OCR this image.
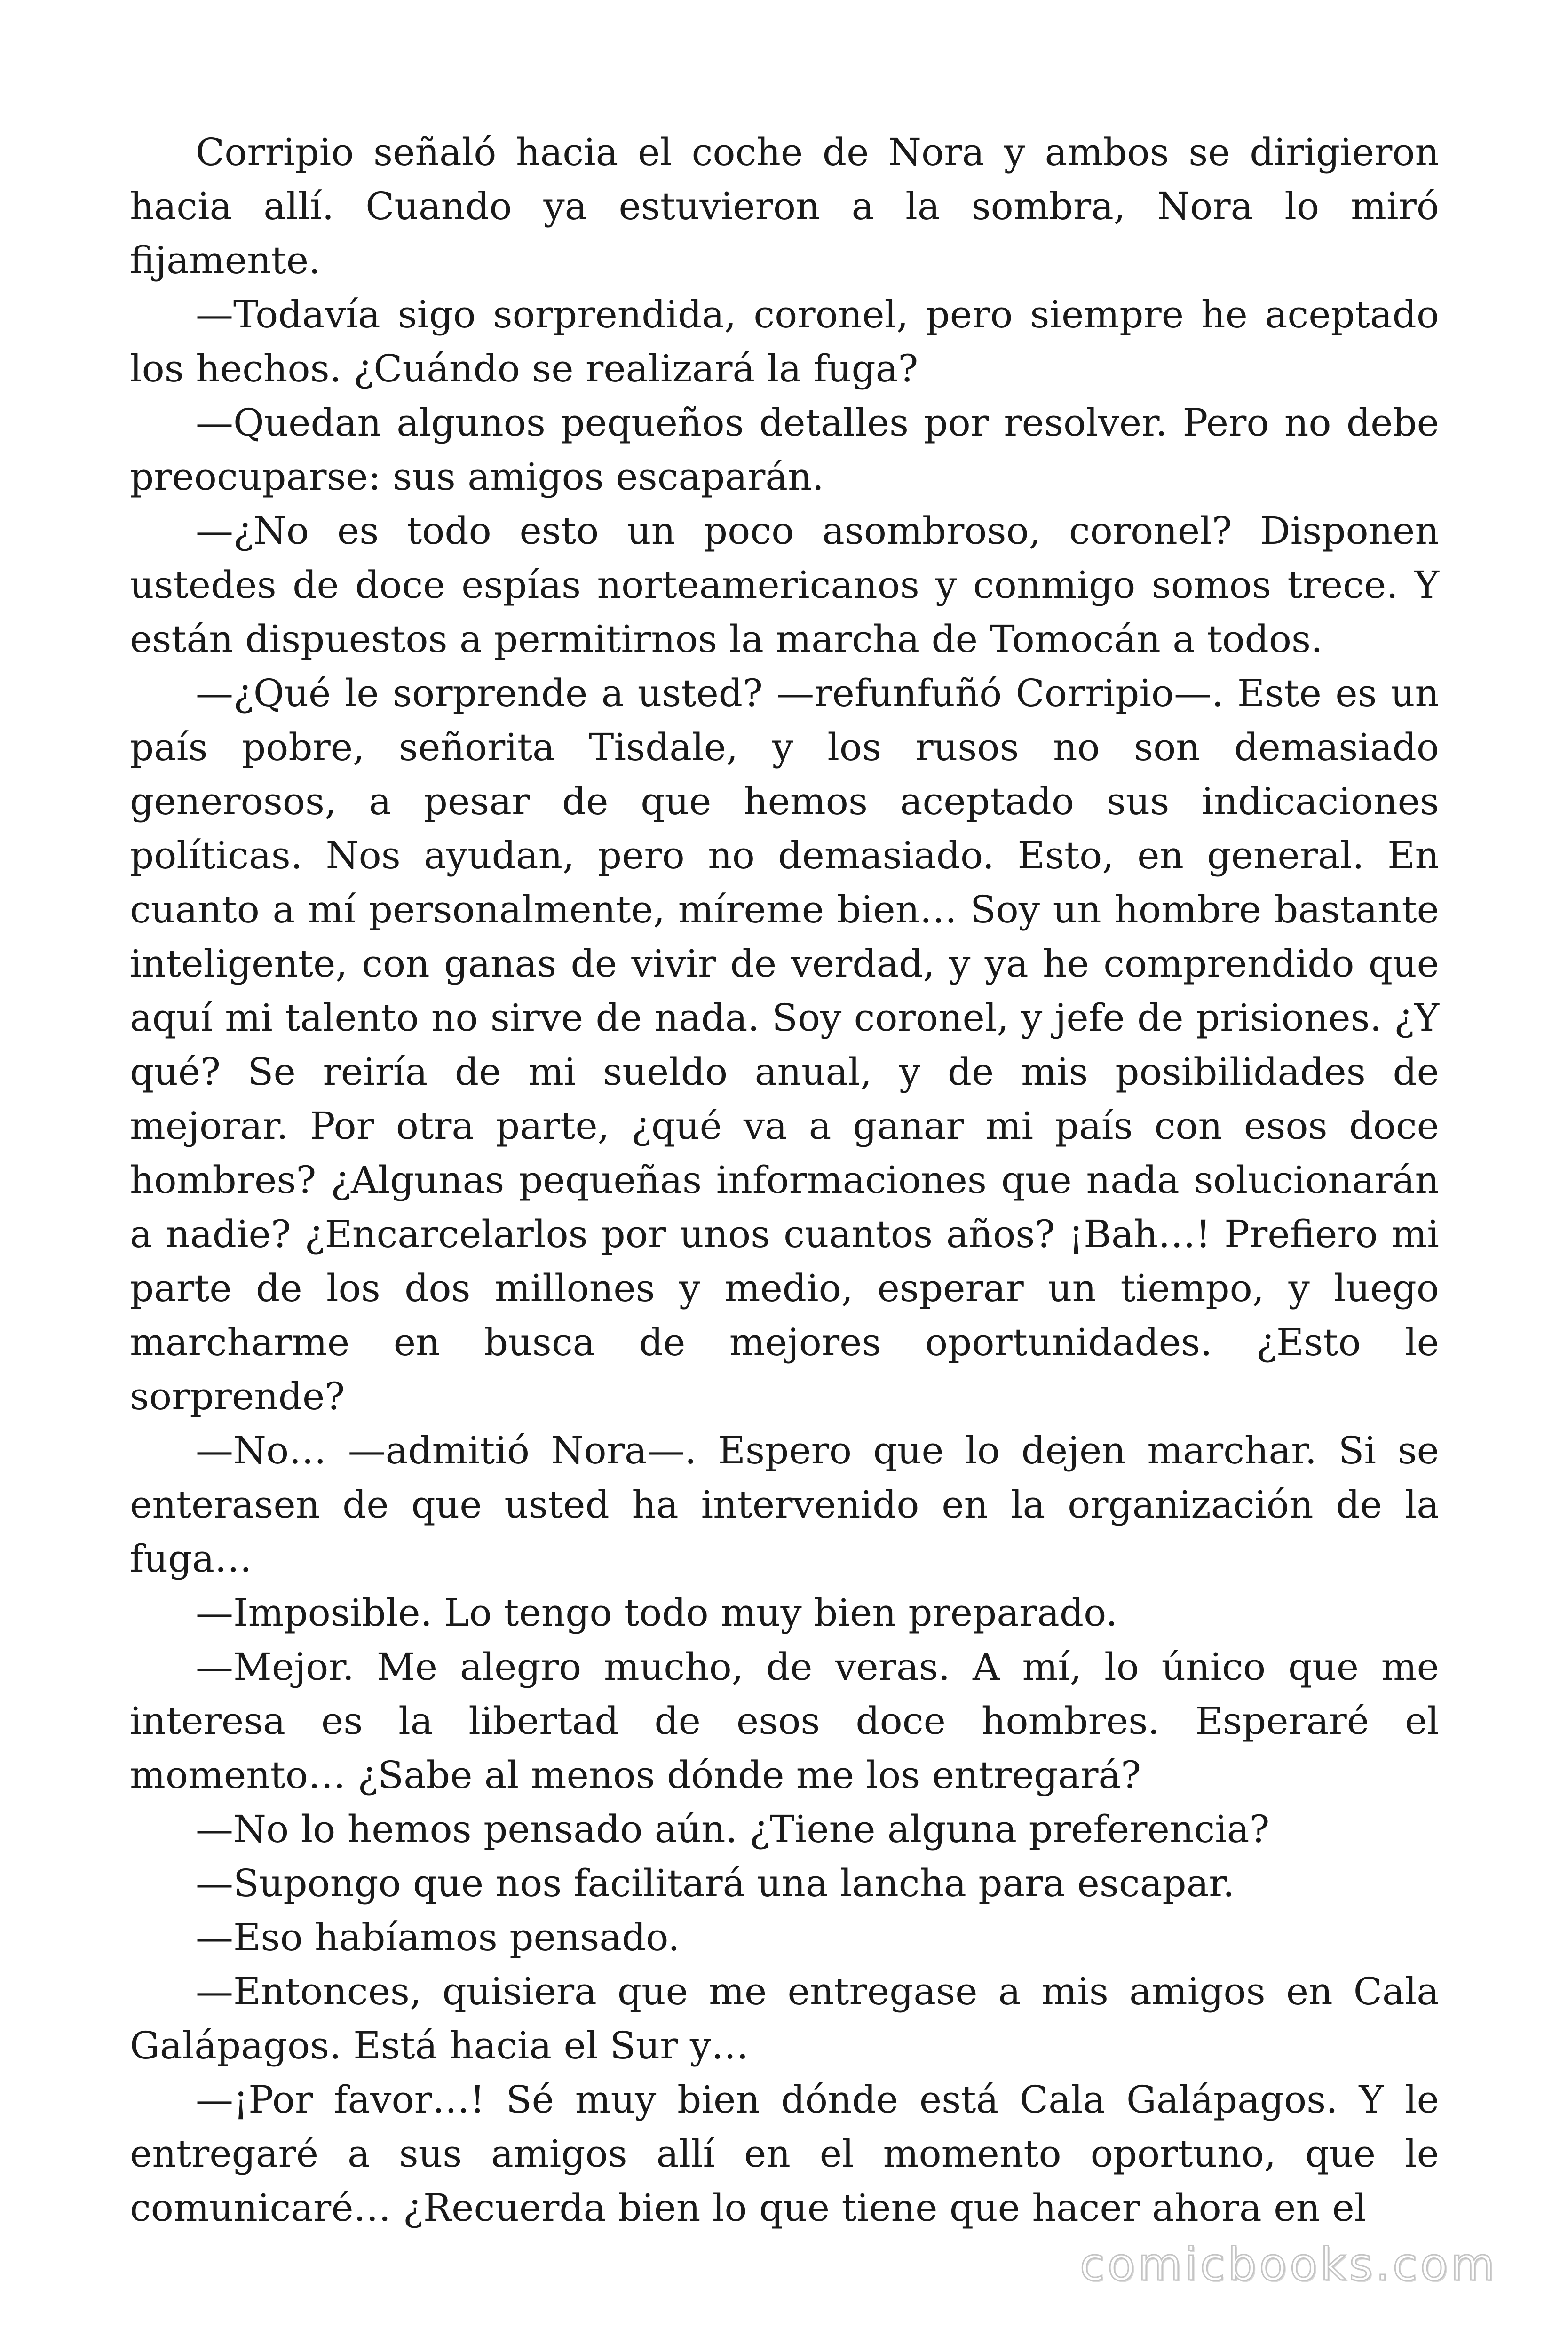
Corripio señaló hacia el coche de Nora y ambos se dirigieron hacia allí. Cuando ya estuvieron a la sombra, Nora lo miró fijamente.

—Todavía sigo sorprendida, coronel, pero siempre he aceptado los hechos. ¿Cuándo se realizará la fuga?

—Quedan algunos pequeños detalles por resolver. Pero no debe preocuparse: sus amigos escaparán.

—¿No es todo esto un poco asombroso, coronel? Disponen ustedes de doce espías norteamericanos y conmigo somos trece. Y están dispuestos a permitirnos la marcha de Tomocán a todos.

—¿Qué le sorprende a usted? —refunfuñó Corripio—. Este es un país pobre, señorita Tisdale, y los rusos no son demasiado generosos, a pesar de que hemos aceptado sus indicaciones políticas. Nos ayudan, pero no demasiado. Esto, en general. En cuanto a mí personalmente, míreme bien… Soy un hombre bastante inteligente, con ganas de vivir de verdad, y ya he comprendido que aquí mi talento no sirve de nada. Soy coronel, y jefe de prisiones. ¿Y qué? Se reiría de mi sueldo anual, y de mis posibilidades de mejorar. Por otra parte, ¿qué va a ganar mi país con esos doce hombres? ¿Algunas pequeñas informaciones que nada solucionarán a nadie? ¿Encarcelarlos por unos cuantos años? ¡Bah…! Prefiero mi parte de los dos millones y medio, esperar un tiempo, y luego marcharme en busca de mejores oportunidades. ¿Esto le sorprende?

—No… —admitió Nora—. Espero que lo dejen marchar. Si se enterasen de que usted ha intervenido en la organización de la fuga…

—Imposible. Lo tengo todo muy bien preparado.

—Mejor. Me alegro mucho, de veras. A mí, lo único que me interesa es la libertad de esos doce hombres. Esperaré el momento… ¿Sabe al menos dónde me los entregará?

—No lo hemos pensado aún. ¿Tiene alguna preferencia?

—Supongo que nos facilitará una lancha para escapar.

—Eso habíamos pensado.

—Entonces, quisiera que me entregase a mis amigos en Cala Galápagos. Está hacia el Sur y…

—¡Por favor…! Sé muy bien dónde está Cala Galápagos. Y le entregaré a sus amigos allí en el momento oportuno, que le comunicaré… ¿Recuerda bien lo que tiene que hacer ahora en el

comicbooks.com
